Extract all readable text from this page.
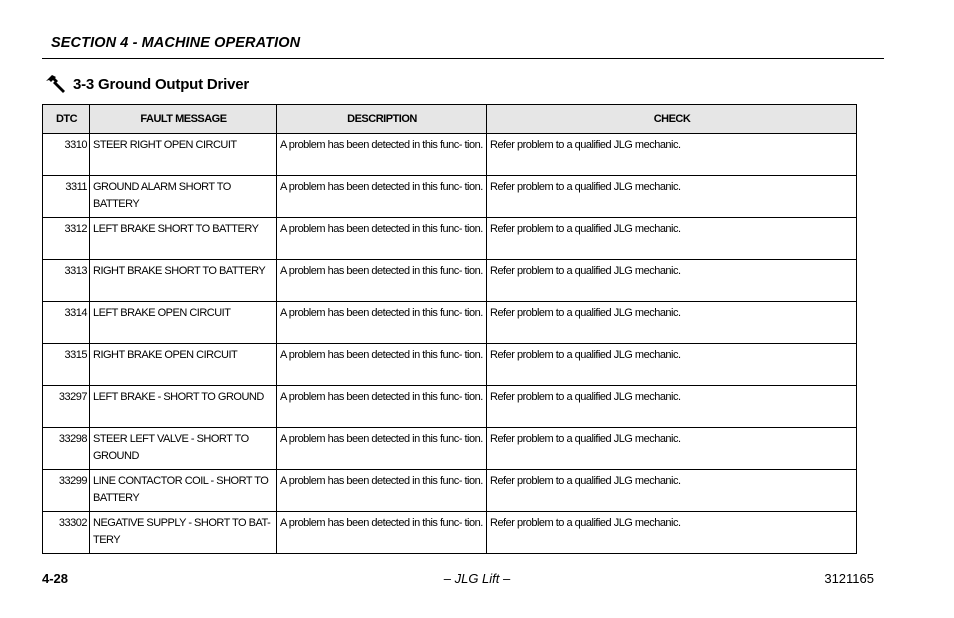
SECTION 4 - MACHINE OPERATION
3-3 Ground Output Driver
DTC	FAULT MESSAGE	DESCRIPTION	CHECK
3310	STEER RIGHT OPEN CIRCUIT	A problem has been detected in this func- tion.	Refer problem to a qualified JLG mechanic.
3311	GROUND ALARM SHORT TO BATTERY	A problem has been detected in this func- tion.	Refer problem to a qualified JLG mechanic.
3312	LEFT BRAKE SHORT TO BATTERY	A problem has been detected in this func- tion.	Refer problem to a qualified JLG mechanic.
3313	RIGHT BRAKE SHORT TO BATTERY	A problem has been detected in this func- tion.	Refer problem to a qualified JLG mechanic.
3314	LEFT BRAKE OPEN CIRCUIT	A problem has been detected in this func- tion.	Refer problem to a qualified JLG mechanic.
3315	RIGHT BRAKE OPEN CIRCUIT	A problem has been detected in this func- tion.	Refer problem to a qualified JLG mechanic.
33297	LEFT BRAKE - SHORT TO GROUND	A problem has been detected in this func- tion.	Refer problem to a qualified JLG mechanic.
33298	STEER LEFT VALVE - SHORT TO GROUND	A problem has been detected in this func- tion.	Refer problem to a qualified JLG mechanic.
33299	LINE CONTACTOR COIL - SHORT TO BATTERY	A problem has been detected in this func- tion.	Refer problem to a qualified JLG mechanic.
33302	NEGATIVE SUPPLY - SHORT TO BAT- TERY	A problem has been detected in this func- tion.	Refer problem to a qualified JLG mechanic.
4-28	– JLG Lift –	3121165
